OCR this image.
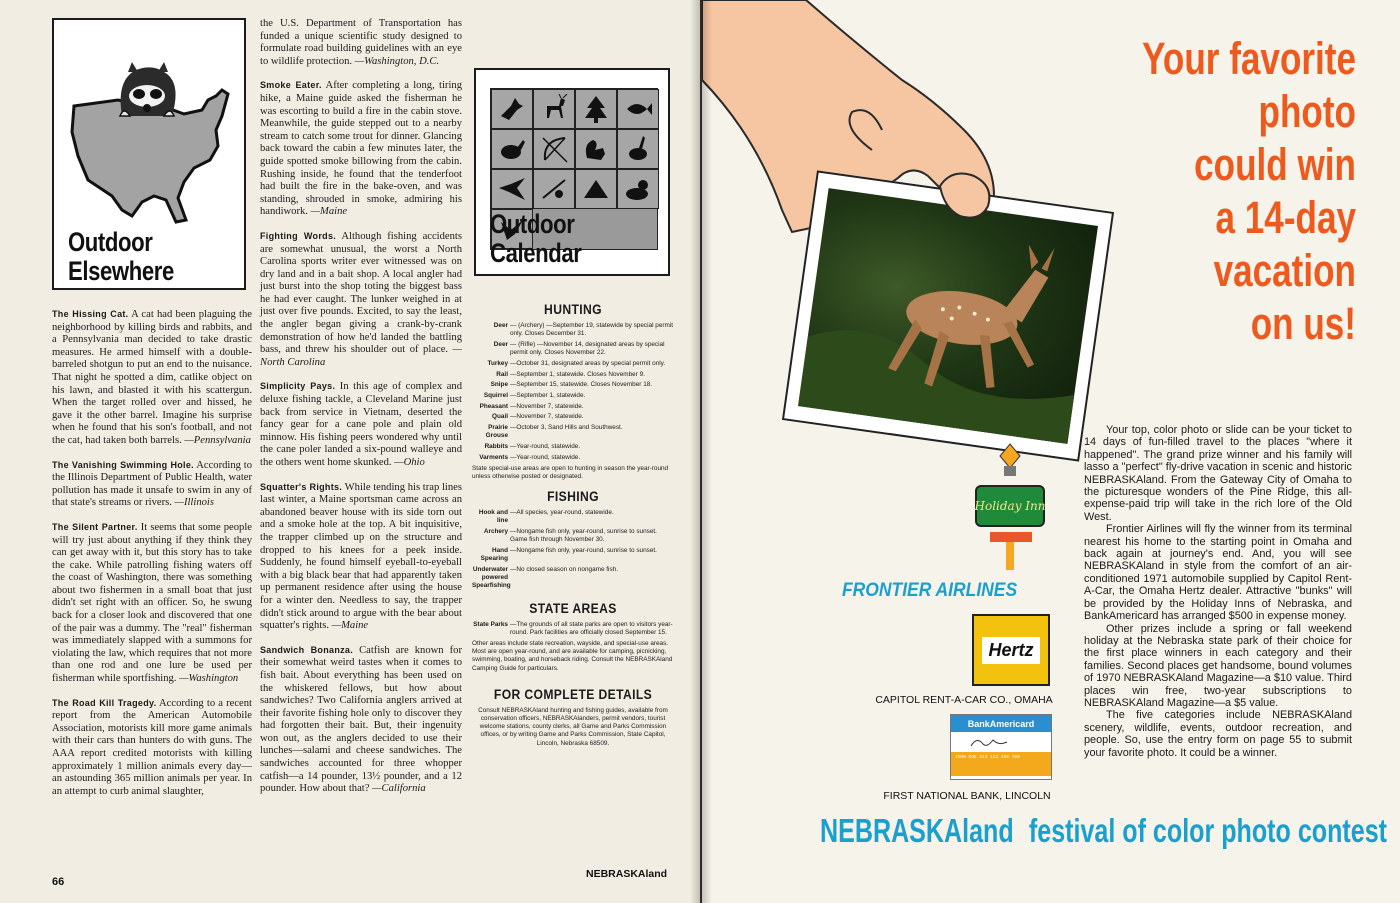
Outdoor
Elsewhere
Outdoor
Calendar

The Hissing Cat. A cat had been plaguing the neighborhood by killing birds and rabbits, and a Pennsylvania man decided to take drastic measures. He armed himself with a double-barreled shotgun to put an end to the nuisance. That night he spotted a dim, catlike object on his lawn, and blasted it with his scattergun. When the target rolled over and hissed, he gave it the other barrel. Imagine his surprise when he found that his son's football, and not the cat, had taken both barrels. —Pennsylvania

The Vanishing Swimming Hole. According to the Illinois Department of Public Health, water pollution has made it unsafe to swim in any of that state's streams or rivers. —Illinois

The Silent Partner. It seems that some people will try just about anything if they think they can get away with it, but this story has to take the cake. While patrolling fishing waters off the coast of Washington, there was something about two fishermen in a small boat that just didn't set right with an officer. So, he swung back for a closer look and discovered that one of the pair was a dummy. The "real" fisherman was immediately slapped with a summons for violating the law, which requires that not more than one rod and one lure be used per fisherman while sportfishing. —Washington

The Road Kill Tragedy. According to a recent report from the American Automobile Association, motorists kill more game animals with their cars than hunters do with guns. The AAA report credited motorists with killing approximately 1 million animals every day—an astounding 365 million animals per year. In an attempt to curb animal slaughter,

the U.S. Department of Transportation has funded a unique scientific study designed to formulate road building guidelines with an eye to wildlife protection. —Washington, D.C.

Smoke Eater. After completing a long, tiring hike, a Maine guide asked the fisherman he was escorting to build a fire in the cabin stove. Meanwhile, the guide stepped out to a nearby stream to catch some trout for dinner. Glancing back toward the cabin a few minutes later, the guide spotted smoke billowing from the cabin. Rushing inside, he found that the tenderfoot had built the fire in the bake-oven, and was standing, shrouded in smoke, admiring his handiwork. —Maine

Fighting Words. Although fishing accidents are somewhat unusual, the worst a North Carolina sports writer ever witnessed was on dry land and in a bait shop. A local angler had just burst into the shop toting the biggest bass he had ever caught. The lunker weighed in at just over five pounds. Excited, to say the least, the angler began giving a crank-by-crank demonstration of how he'd landed the battling bass, and threw his shoulder out of place. —North Carolina

Simplicity Pays. In this age of complex and deluxe fishing tackle, a Cleveland Marine just back from service in Vietnam, deserted the fancy gear for a cane pole and plain old minnow. His fishing peers wondered why until the cane poler landed a six-pound walleye and the others went home skunked. —Ohio

Squatter's Rights. While tending his trap lines last winter, a Maine sportsman came across an abandoned beaver house with its side torn out and a smoke hole at the top. A bit inquisitive, the trapper climbed up on the structure and dropped to his knees for a peek inside. Suddenly, he found himself eyeball-to-eyeball with a big black bear that had apparently taken up permanent residence after using the house for a winter den. Needless to say, the trapper didn't stick around to argue with the bear about squatter's rights. —Maine

Sandwich Bonanza. Catfish are known for their somewhat weird tastes when it comes to fish bait. About everything has been used on the whiskered fellows, but how about sandwiches? Two California anglers arrived at their favorite fishing hole only to discover they had forgotten their bait. But, their ingenuity won out, as the anglers decided to use their lunches—salami and cheese sandwiches. The sandwiches accounted for three whopper catfish—a 14 pounder, 13½ pounder, and a 12 pounder. How about that? —California

HUNTING
Deer — (Archery) —September 19, statewide by special permit only. Closes December 31.
Deer — (Rifle) —November 14, designated areas by special permit only. Closes November 22.
Turkey —October 31, designated areas by special permit only.
Rail —September 1, statewide. Closes November 9.
Snipe —September 15, statewide. Closes November 18.
Squirrel —September 1, statewide.
Pheasant —November 7, statewide.
Quail —November 7, statewide.
Prairie Grouse
—October 3, Sand Hills and Southwest.
Rabbits —Year-round, statewide.
Varments —Year-round, statewide.
State special-use areas are open to hunting in season the year-round unless otherwise posted or designated.
FISHING
Hook and line
—All species, year-round, statewide.
Archery —Nongame fish only, year-round, sunrise to sunset. Game fish through November 30.
Hand Spearing
—Nongame fish only, year-round, sunrise to sunset.
Underwater powered Spearfishing
—No closed season on nongame fish.
STATE AREAS
State Parks —The grounds of all state parks are open to visitors year-round. Park facilities are officially closed September 15.
Other areas include state recreation, wayside, and special-use areas. Most are open year-round, and are available for camping, picnicking, swimming, boating, and horseback riding. Consult the NEBRASKAland Camping Guide for particulars.
FOR COMPLETE DETAILS
Consult NEBRASKAland hunting and fishing guides, available from conservation officers, NEBRASKAlanders, permit vendors, tourist welcome stations, county clerks, all Game and Parks Commission offices, or by writing Game and Parks Commission, State Capitol, Lincoln, Nebraska 68509.
66
NEBRASKAland
Your favorite photo
could win
a 14-day
vacation
on us!
Holiday Inn
FRONTIER AIRLINES
Hertz
CAPITOL RENT-A-CAR CO., OMAHA
BankAmericard
JOHN DOE 413 123 456 789
FIRST NATIONAL BANK, LINCOLN

Your top, color photo or slide can be your ticket to 14 days of fun-filled travel to the places "where it happened". The grand prize winner and his family will lasso a "perfect" fly-drive vacation in scenic and historic NEBRASKAland. From the Gateway City of Omaha to the picturesque wonders of the Pine Ridge, this all-expense-paid trip will take in the rich lore of the Old West.

Frontier Airlines will fly the winner from its terminal nearest his home to the starting point in Omaha and back again at journey's end. And, you will see NEBRASKAland in style from the comfort of an air-conditioned 1971 automobile supplied by Capitol Rent-A-Car, the Omaha Hertz dealer. Attractive "bunks" will be provided by the Holiday Inns of Nebraska, and BankAmericard has arranged $500 in expense money.

Other prizes include a spring or fall weekend holiday at the Nebraska state park of their choice for the first place winners in each category and their families. Second places get handsome, bound volumes of 1970 NEBRASKAland Magazine—a $10 value. Third places win free, two-year subscriptions to NEBRASKAland Magazine—a $5 value.

The five categories include NEBRASKAland scenery, wildlife, events, outdoor recreation, and people. So, use the entry form on page 55 to submit your favorite photo. It could be a winner.

NEBRASKAland festival of color photo contest
